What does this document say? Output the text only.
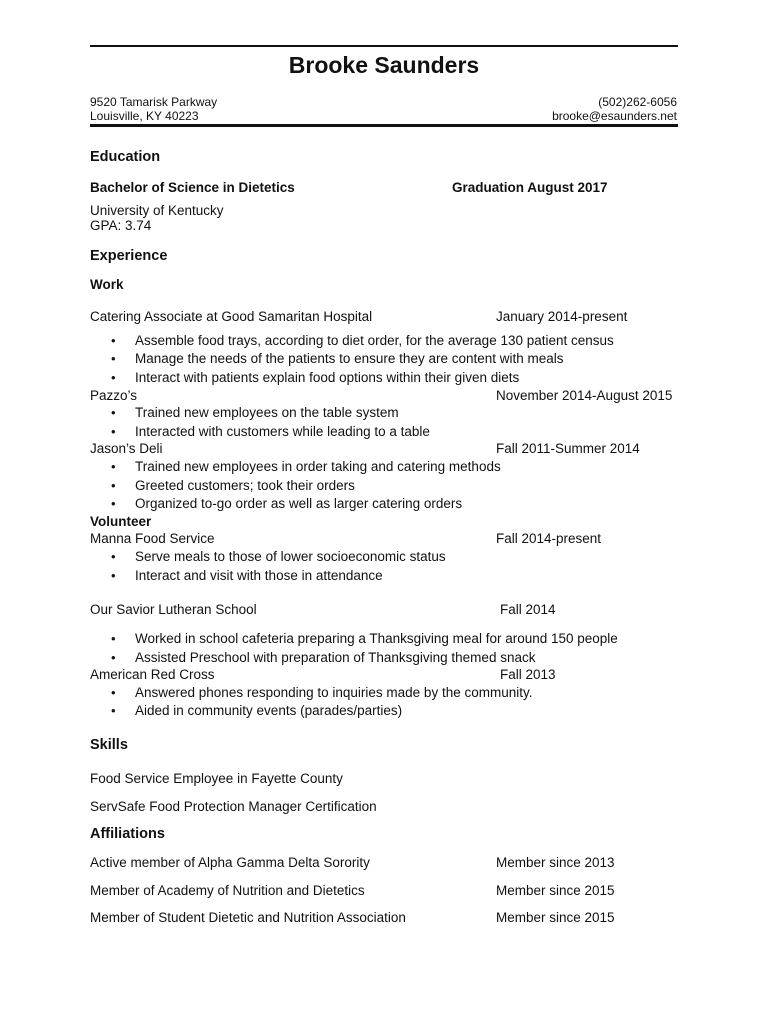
Brooke Saunders
9520 Tamarisk Parkway
Louisville, KY 40223
(502)262-6056
brooke@esaunders.net
Education
Bachelor of Science in Dietetics	Graduation August 2017
University of Kentucky
GPA: 3.74
Experience
Work
Catering Associate at Good Samaritan Hospital	January 2014-present
• Assemble food trays, according to diet order, for the average 130 patient census
• Manage the needs of the patients to ensure they are content with meals
• Interact with patients explain food options within their given diets
Pazzo’s	November 2014-August 2015
• Trained new employees on the table system
• Interacted with customers while leading to a table
Jason’s Deli	Fall 2011-Summer 2014
• Trained new employees in order taking and catering methods
• Greeted customers; took their orders
• Organized to-go order as well as larger catering orders
Volunteer
Manna Food Service	Fall 2014-present
• Serve meals to those of lower socioeconomic status
• Interact and visit with those in attendance
Our Savior Lutheran School	Fall 2014
• Worked in school cafeteria preparing a Thanksgiving meal for around 150 people
• Assisted Preschool with preparation of Thanksgiving themed snack
American Red Cross	Fall 2013
• Answered phones responding to inquiries made by the community.
• Aided in community events (parades/parties)
Skills
Food Service Employee in Fayette County
ServSafe Food Protection Manager Certification
Affiliations
Active member of Alpha Gamma Delta Sorority	Member since 2013
Member of Academy of Nutrition and Dietetics	Member since 2015
Member of Student Dietetic and Nutrition Association	Member since 2015
